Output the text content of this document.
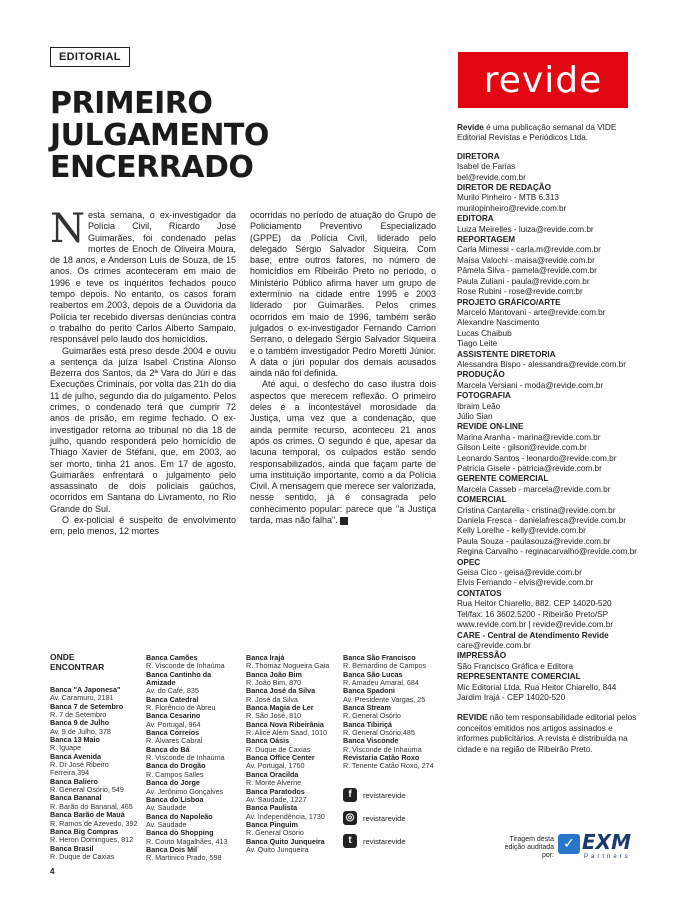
EDITORIAL
PRIMEIRO
JULGAMENTO
ENCERRADO
revide

Nesta semana, o ex-investigador da Polícia Civil, Ricardo José Guimarães, foi condenado pelas mortes de Enoch de Oliveira Moura, de 18 anos, e Anderson Luís de Souza, de 15 anos. Os crimes aconteceram em maio de 1996 e teve os inquéritos fechados pouco tempo depois. No entanto, os casos foram reabertos em 2003, depois de a Ouvidoria da Polícia ter recebido diversas denúncias contra o trabalho do perito Carlos Alberto Sampaio, responsável pelo laudo dos homicídios.

Guimarães está preso desde 2004 e ouviu a sentença da juíza Isabel Cristina Alonso Bezerra dos Santos, da 2ª Vara do Júri e das Execuções Criminais, por volta das 21h do dia 11 de julho, segundo dia do julgamento. Pelos crimes, o condenado terá que cumprir 72 anos de prisão, em regime fechado. O ex-investigador retorna ao tribunal no dia 18 de julho, quando responderá pelo homicídio de Thiago Xavier de Stéfani, que, em 2003, ao ser morto, tinha 21 anos. Em 17 de agosto, Guimarães enfrentará o julgamento pelo assassinato de dois policiais gaúchos, ocorridos em Santana do Livramento, no Rio Grande do Sul.

O ex-policial é suspeito de envolvimento em, pelo menos, 12 mortes

ocorridas no período de atuação do Grupo de Policiamento Preventivo Especializado (GPPE) da Polícia Civil, liderado pelo delegado Sérgio Salvador Siqueira. Com base, entre outros fatores, no número de homicídios em Ribeirão Preto no período, o Ministério Público afirma haver um grupo de extermínio na cidade entre 1995 e 2003 liderado por Guimarães. Pelos crimes ocorridos em maio de 1996, também serão julgados o ex-investigador Fernando Carrion Serrano, o delegado Sérgio Salvador Siqueira e o também investigador Pedro Moretti Júnior. A data o júri popular dos demais acusados ainda não foi definida.

Até aqui, o desfecho do caso ilustra dois aspectos que merecem reflexão. O primeiro deles é a incontestável morosidade da Justiça, uma vez que a condenação, que ainda permite recurso, aconteceu 21 anos após os crimes. O segundo é que, apesar da lacuna temporal, os culpados estão sendo responsabilizados, ainda que façam parte de uma instituição importante, como a da Polícia Civil. A mensagem que merece ser valorizada, nesse sentido, já é consagrada pelo conhecimento popular: parece que "a Justiça tarda, mas não falha".

Revide é uma publicação semanal da VIDE Editorial Revistas e Periódicos Ltda.
DIRETORA
Isabel de Farias
bel@revide.com.br
DIRETOR DE REDAÇÃO
Murilo Pinheiro - MTB 6.313
murilopinheiro@revide.com.br
EDITORA
Luiza Meirelles - luiza@revide.com.br
REPORTAGEM
Carla Mimessi - carla.m@revide.com.br
Maísa Valochi - maisa@revide.com.br
Pâmela Silva - pamela@revide.com.br
Paula Zuliani - paula@revide.com.br
Rose Rubini - rose@revide.com.br
PROJETO GRÁFICO/ARTE
Marcelo Mantovani - arte@revide.com.br
Alexandre Nascimento
Lucas Chaibub
Tiago Leite
ASSISTENTE DIRETORIA
Alessandra Bispo - alessandra@revide.com.br
PRODUÇÃO
Marcela Versiani - moda@revide.com.br
FOTOGRAFIA
Ibraim Leão
Júlio Sian
REVIDE ON-LINE
Marina Aranha - marina@revide.com.br
Gilson Leite - gilson@revide.com.br
Leonardo Santos - leonardo@revide.com.br
Patrícia Gisele - patricia@revide.com.br
GERENTE COMERCIAL
Marcela Casseb - marcela@revide.com.br
COMERCIAL
Cristina Cantarella - cristina@revide.com.br
Daniela Fresca - danielafresca@revide.com.br
Kelly Lorelhe - kelly@revide.com.br
Paula Souza - paulasouza@revide.com.br
Regina Carvalho - reginacarvalho@revide.com.br
OPEC
Geisa Cico - geisa@revide.com.br
Elvis Fernando - elvis@revide.com.br
CONTATOS
Rua Heitor Chiarello, 882. CEP 14020-520
Tel/fax: 16 3602.5200 - Ribeirão Preto/SP
www.revide.com.br | revide@revide.com.br
CARE - Central de Atendimento Revide
care@revide.com.br
IMPRESSÃO
São Francisco Gráfica e Editora
REPRESENTANTE COMERCIAL
Mic Editorial Ltda. Rua Heitor Chiarello, 844
Jardim Irajá - CEP 14020-520
REVIDE não tem responsabilidade editorial pelos conceitos emitidos nos artigos assinados e informes publicitários. A revista é distribuída na cidade e na região de Ribeirão Preto.
ONDE
ENCONTRAR
Banca "A Japonesa"
Av. Caramuru, 2181
Banca 7 de Setembro
R. 7 de Setembro
Banca 9 de Julho
Av. 9 de Julho, 378
Banca 13 Maio
R. Iguape
Banca Avenida
R. Dr José Ribeiro Ferreira,394
Banca Baliero
R. General Osório, 549
Banca Bananal
R. Barão do Bananal, 465
Banca Barão de Mauá
R. Ramos de Azevedo, 392
Banca Big Compras
R. Heron Domingues, 812
Banca Brasil
R. Duque de Caxias
Banca Camões
R. Visconde de Inhaúma
Banca Cantinho da Amizade
Av. do Café, 835
Banca Catedral
R. Florêncio de Abreu
Banca Cesarino
Av. Portugal, 964
Banca Correios
R. Álvares Cabral
Banca do Bá
R. Visconde de Inhaúma
Banca do Drogão
R. Campos Salles
Banca do Jorge
Av. Jerônimo Gonçalves
Banca do Lisboa
Av. Saudade
Banca do Napoleão
Av. Saudade
Banca do Shopping
R. Couto Magalhães, 413
Banca Dois Mil
R. Martinico Prado, 598
Banca Irajá
R. Thomaz Nogueira Gaia
Banca João Bim
R. João Bim, 870
Banca José da Silva
R. José da Silva
Banca Magia de Ler
R. São José, 810
Banca Nova Ribeirânia
R. Alice Além Saad, 1010
Banca Oásis
R. Duque de Caxias
Banca Office Center
Av. Portugal, 1760
Banca Oracilda
R. Monte Alverne
Banca Paratodos
Av. Saudade, 1227
Banca Paulista
Av. Independência, 1730
Banca Pinguim
R. General Osório
Banca Quito Junqueira
Av. Quito Junqueira
Banca São Francisco
R. Bernardino de Campos
Banca São Lucas
R. Amadeu Amaral, 684
Banca Spadoni
Av. Presidente Vargas, 25
Banca Stream
R. General Osório
Banca Tibiriçá
R. General Osório,485
Banca Visconde
R. Visconde de Inhaúma
Revistaria Catão Roxo
R. Tenente Catão Roxo, 274
f	revistarevide
◎	revistarevide
t	revistarevide	Tiragem desta edição auditada por:
✓ EXM
Partners
4
